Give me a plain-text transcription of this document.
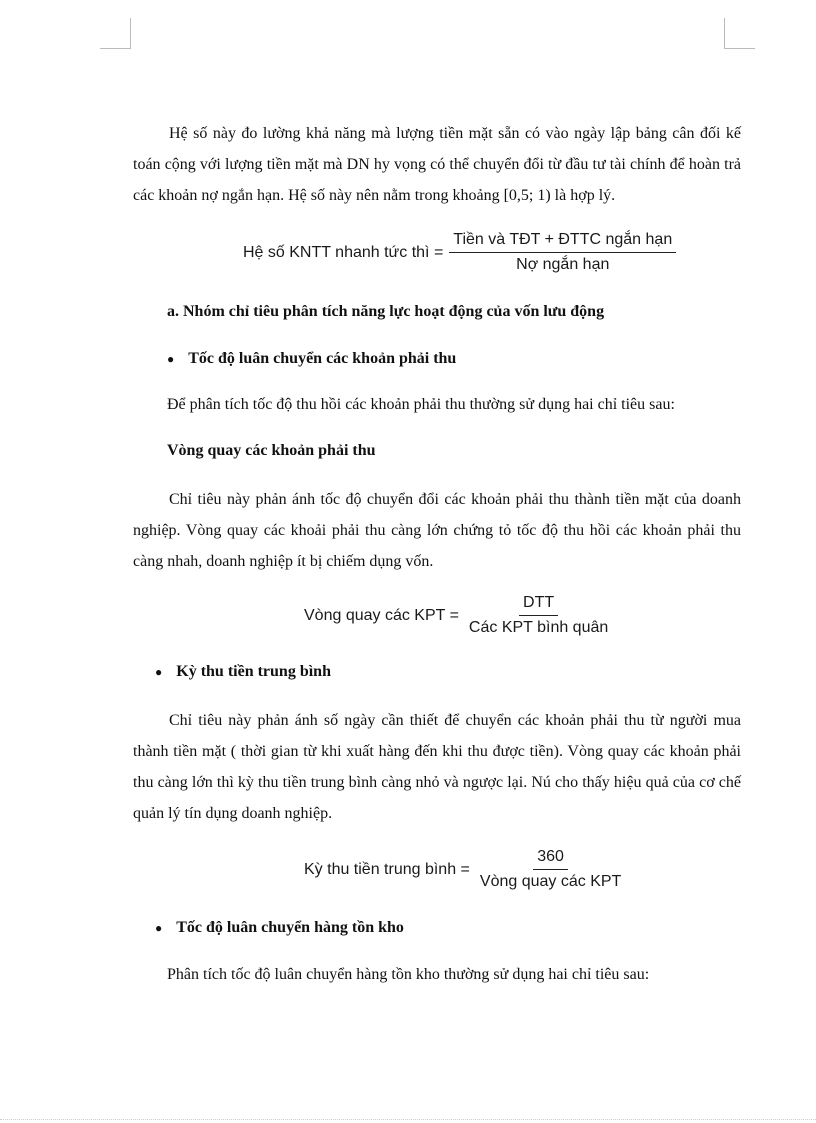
Hệ số này đo lường khả năng mà lượng tiền mặt sẵn có vào ngày lập bảng cân đối kế toán cộng với lượng tiền mặt mà DN hy vọng có thể chuyển đổi từ đầu tư tài chính để hoàn trả các khoản nợ ngắn hạn. Hệ số này nên nằm trong khoảng [0,5; 1) là hợp lý.
Hệ số KNTT nhanh tức thì = $\frac{\text{Tiền và TĐT + ĐTTC ngắn hạn}}{\text{Nợ ngắn hạn}}$
a. Nhóm chỉ tiêu phân tích năng lực hoạt động của vốn lưu động
● Tốc độ luân chuyển các khoản phải thu
Để phân tích tốc độ thu hồi các khoản phải thu thường sử dụng hai chỉ tiêu sau:
Vòng quay các khoản phải thu
Chỉ tiêu này phản ánh tốc độ chuyển đổi các khoản phải thu thành tiền mặt của doanh nghiệp. Vòng quay các khoải phải thu càng lớn chứng tỏ tốc độ thu hồi các khoản phải thu càng nhah, doanh nghiệp ít bị chiếm dụng vốn.
Vòng quay các KPT = $\frac{\text{DTT}}{\text{Các KPT bình quân}}$
● Kỳ thu tiền trung bình
Chỉ tiêu này phản ánh số ngày cần thiết để chuyển các khoản phải thu từ người mua thành tiền mặt ( thời gian từ khi xuất hàng đến khi thu được tiền). Vòng quay các khoản phải thu càng lớn thì kỳ thu tiền trung bình càng nhỏ và ngược lại. Nú cho thấy hiệu quả của cơ chế quản lý tín dụng doanh nghiệp.
Kỳ thu tiền trung bình = $\frac{360}{\text{Vòng quay các KPT}}$
● Tốc độ luân chuyển hàng tồn kho
Phân tích tốc độ luân chuyển hàng tồn kho thường sử dụng hai chỉ tiêu sau:
